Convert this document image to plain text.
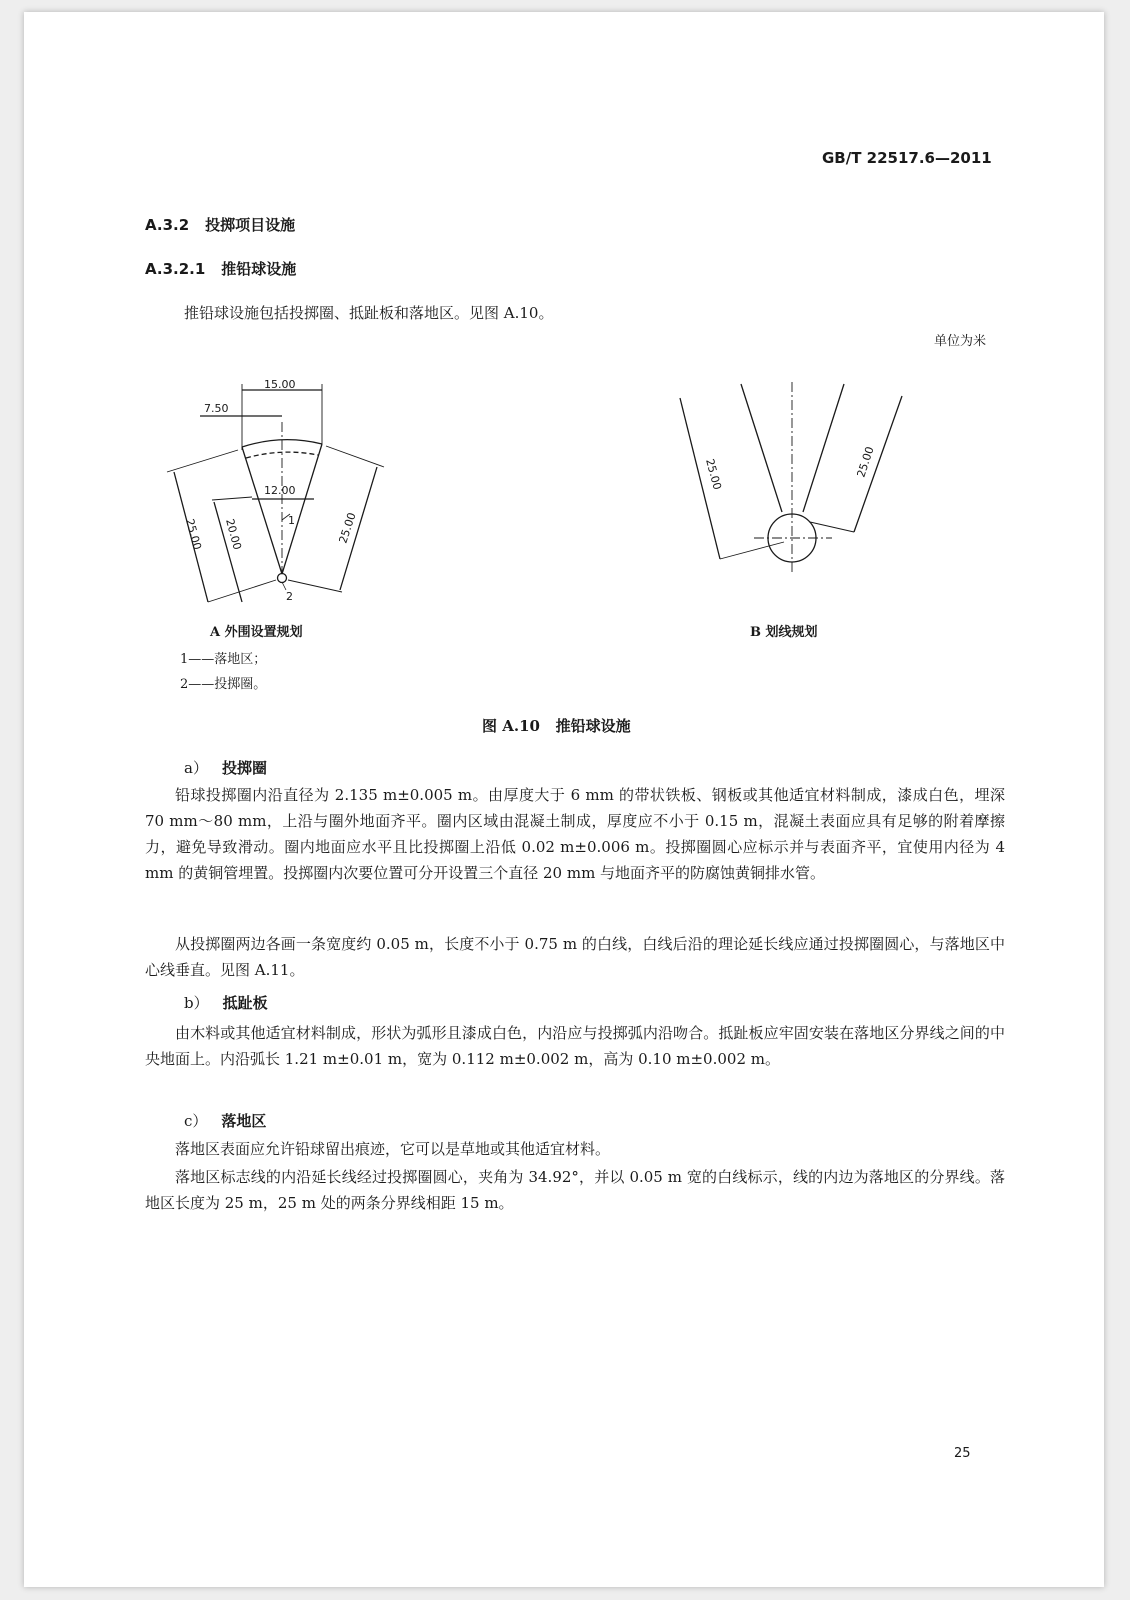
GB/T 22517.6—2011
A.3.2 投掷项目设施
A.3.2.1 推铅球设施
推铅球设施包括投掷圈、抵趾板和落地区。见图 A.10。
单位为米
15.00
7.50
12.00
25.00 20.00	25.00
1
2
25.00	25.00
A 外围设置规划	B 划线规划
1——落地区；
2——投掷圈。
图 A.10   推铅球设施
a） 投掷圈
铅球投掷圈内沿直径为 2.135 m±0.005 m。由厚度大于 6 mm 的带状铁板、钢板或其他适宜材料制成，漆成白色，埋深 70 mm～80 mm，上沿与圈外地面齐平。圈内区域由混凝土制成，厚度应不小于 0.15 m，混凝土表面应具有足够的附着摩擦力，避免导致滑动。圈内地面应水平且比投掷圈上沿低 0.02 m±0.006 m。投掷圈圆心应标示并与表面齐平，宜使用内径为 4 mm 的黄铜管埋置。投掷圈内次要位置可分开设置三个直径 20 mm 与地面齐平的防腐蚀黄铜排水管。
从投掷圈两边各画一条宽度约 0.05 m，长度不小于 0.75 m 的白线，白线后沿的理论延长线应通过投掷圈圆心，与落地区中心线垂直。见图 A.11。
b） 抵趾板
由木料或其他适宜材料制成，形状为弧形且漆成白色，内沿应与投掷弧内沿吻合。抵趾板应牢固安装在落地区分界线之间的中央地面上。内沿弧长 1.21 m±0.01 m，宽为 0.112 m±0.002 m，高为 0.10 m±0.002 m。
c） 落地区
落地区表面应允许铅球留出痕迹，它可以是草地或其他适宜材料。
落地区标志线的内沿延长线经过投掷圈圆心，夹角为 34.92°，并以 0.05 m 宽的白线标示，线的内边为落地区的分界线。落地区长度为 25 m，25 m 处的两条分界线相距 15 m。
25
